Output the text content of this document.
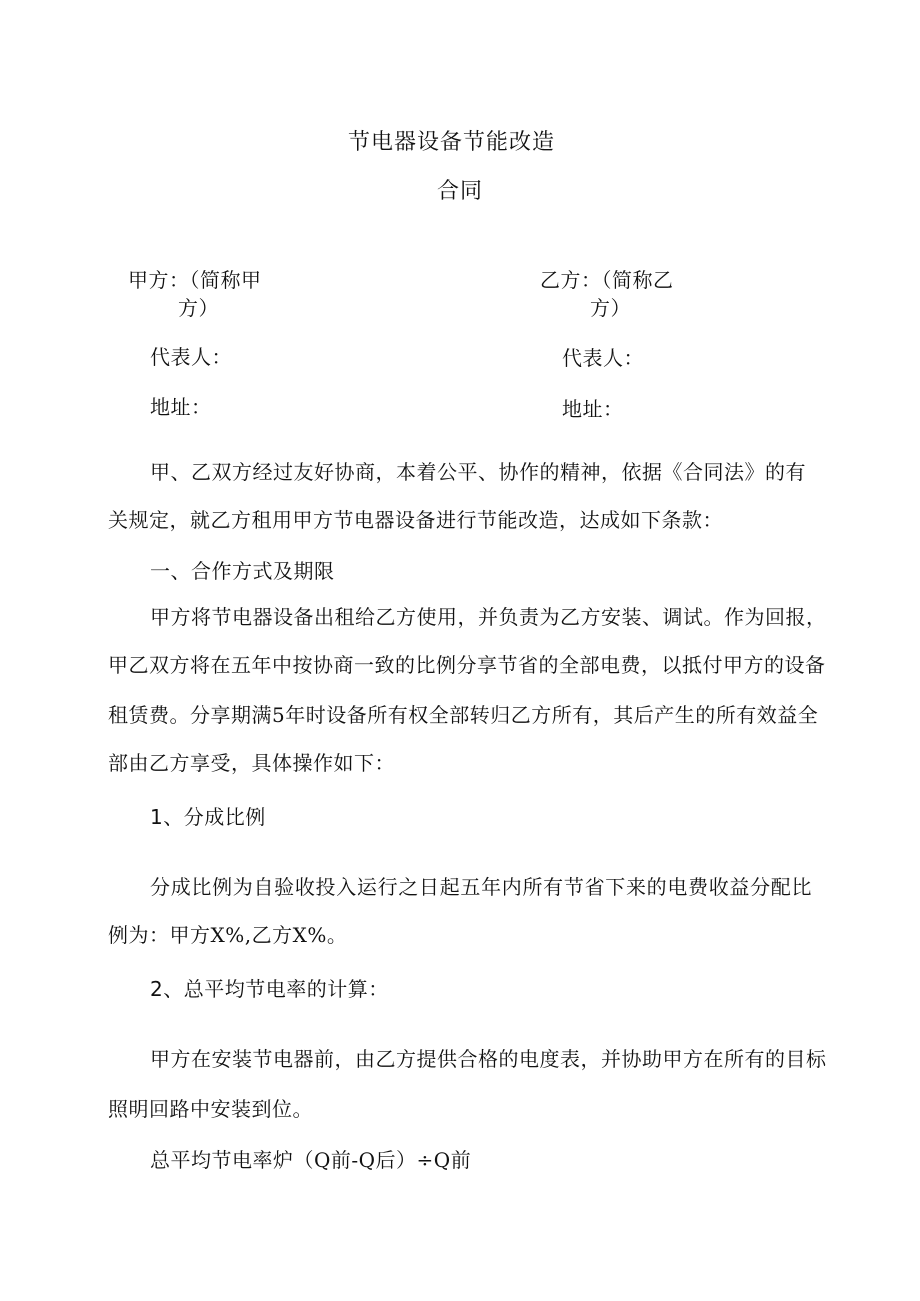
节电器设备节能改造
合同
甲方：（简称甲
方）
乙方：（简称乙
方）
代表人：	代表人：
地址：	地址：
甲、乙双方经过友好协商，本着公平、协作的精神，依据《合同法》的有
关规定，就乙方租用甲方节电器设备进行节能改造，达成如下条款：
一、合作方式及期限
甲方将节电器设备出租给乙方使用，并负责为乙方安装、调试。作为回报，
甲乙双方将在五年中按协商一致的比例分享节省的全部电费，以抵付甲方的设备
租赁费。分享期满5年时设备所有权全部转归乙方所有，其后产生的所有效益全
部由乙方享受，具体操作如下：
1、分成比例
分成比例为自验收投入运行之日起五年内所有节省下来的电费收益分配比
例为：甲方X%,乙方X%。
2、总平均节电率的计算：
甲方在安装节电器前，由乙方提供合格的电度表，并协助甲方在所有的目标
照明回路中安装到位。
总平均节电率炉（Q前-Q后）÷Q前
